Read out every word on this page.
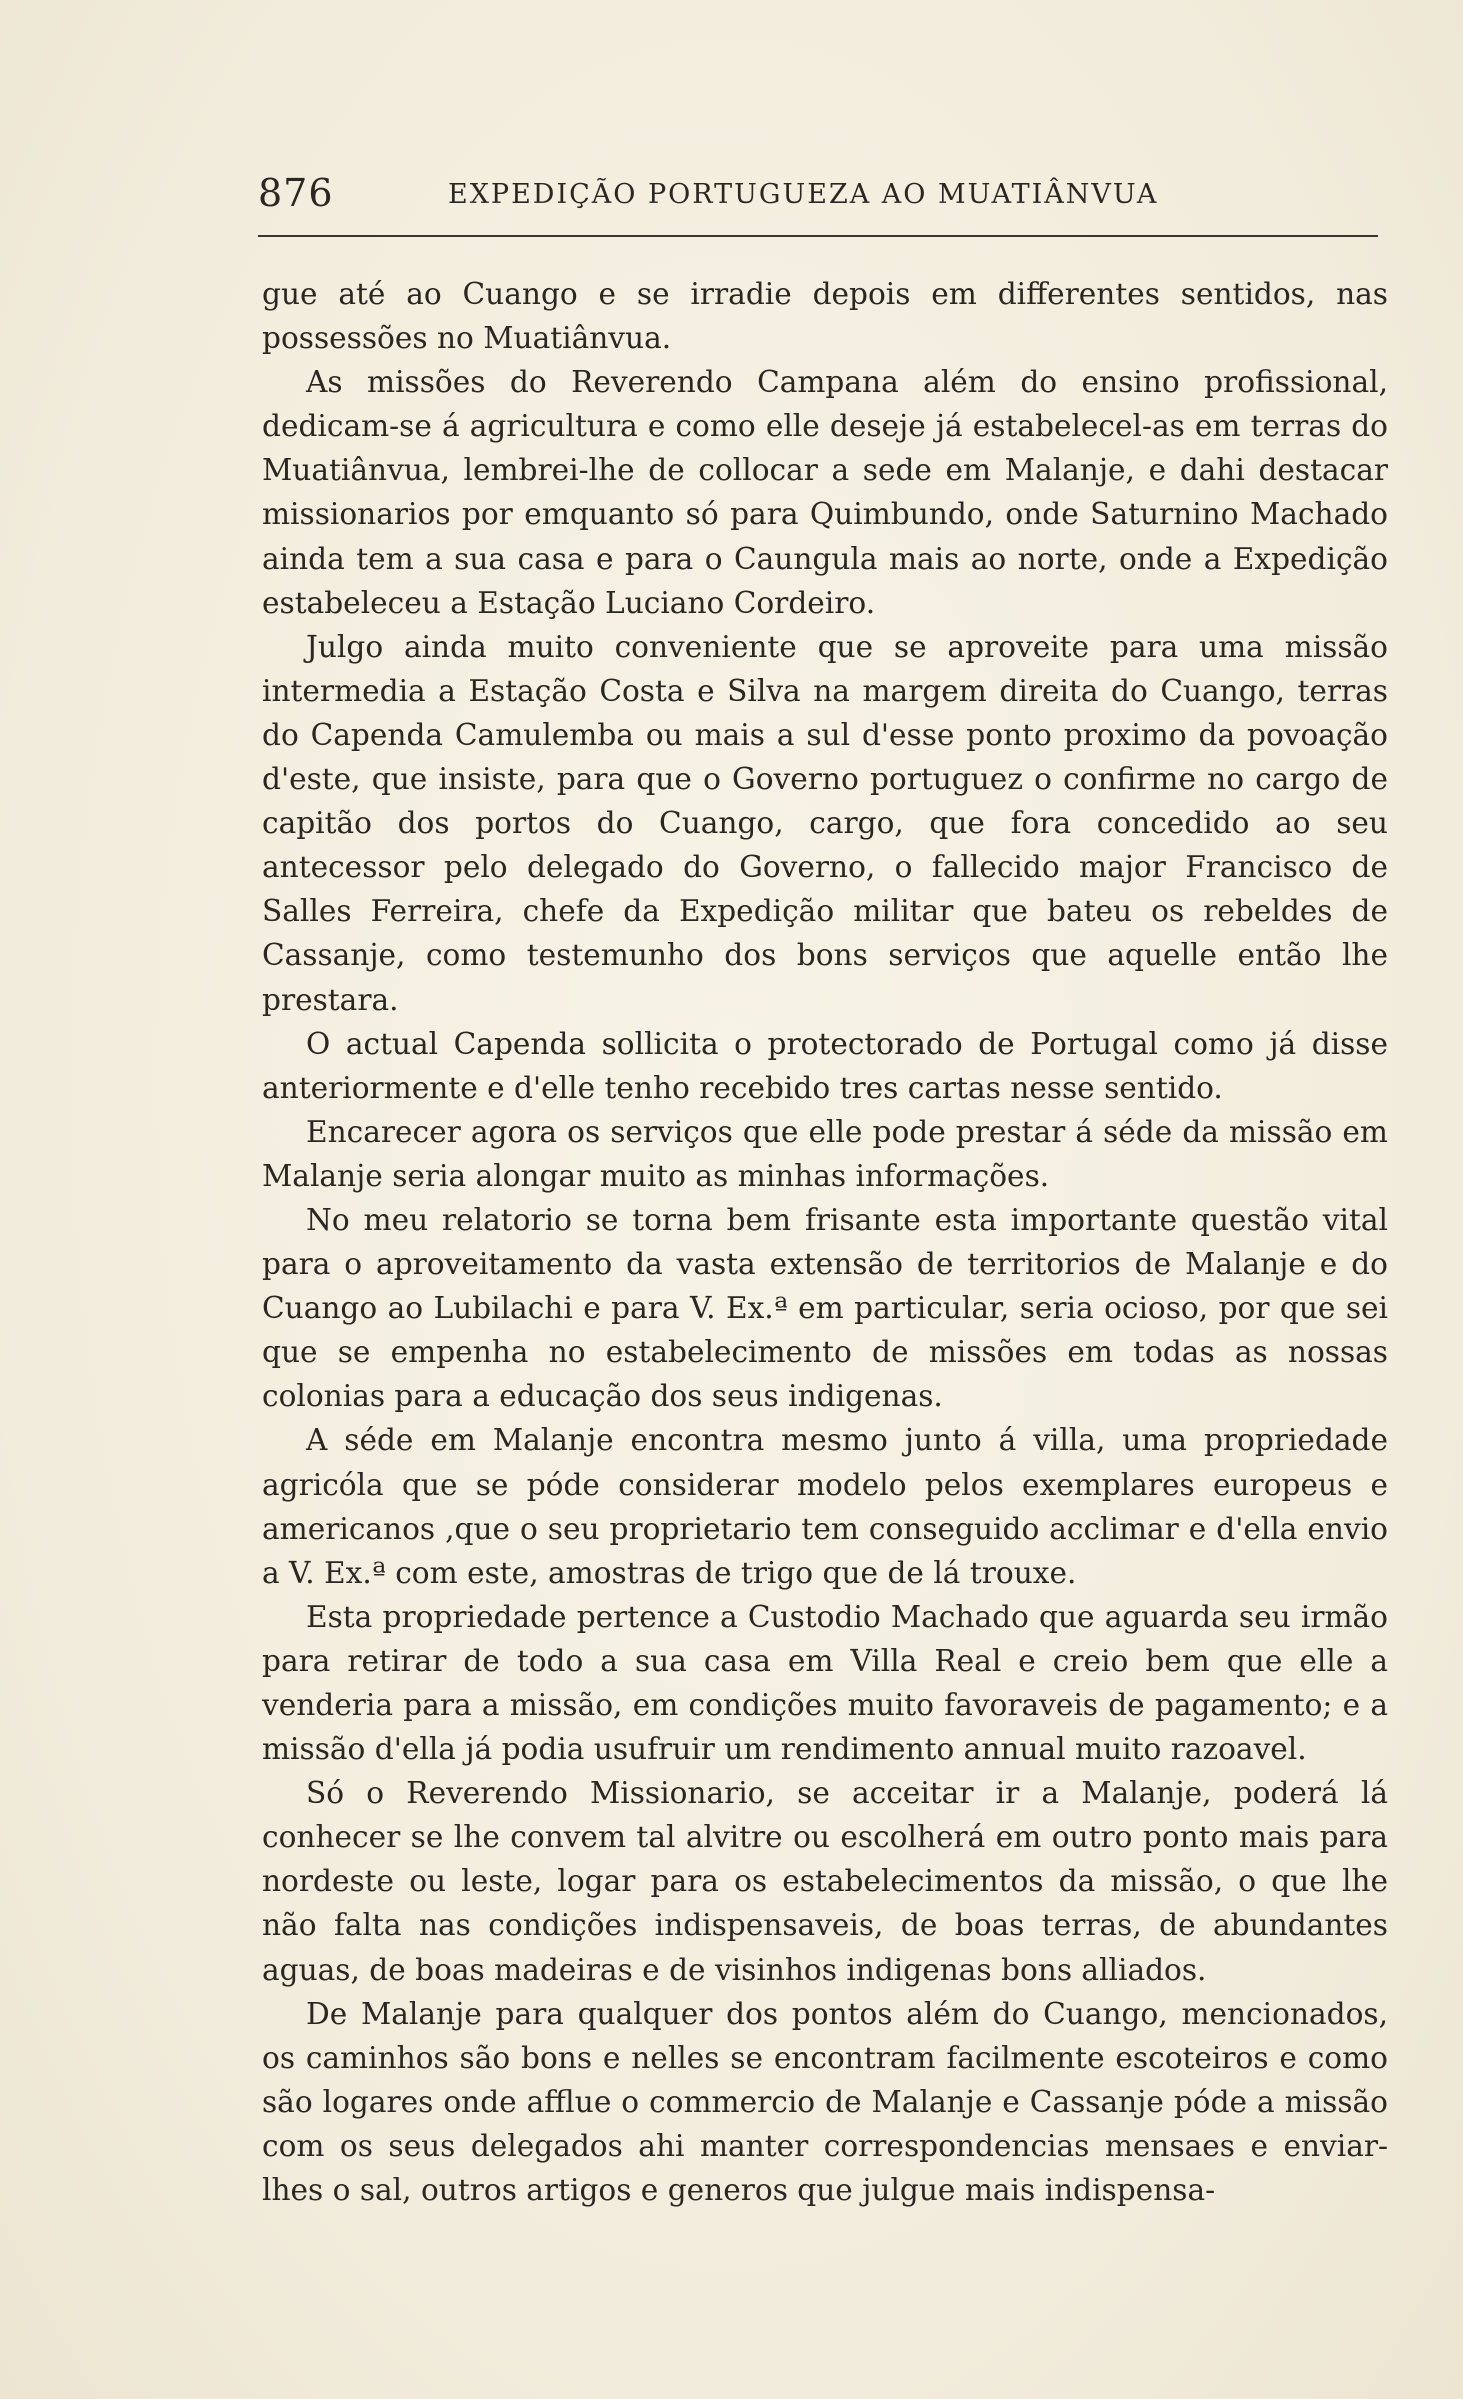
876	EXPEDIÇÃO PORTUGUEZA AO MUATIÂNVUA

gue até ao Cuango e se irradie depois em differentes sentidos, nas possessões no Muatiânvua.

As missões do Reverendo Campana além do ensino profissional, dedicam-se á agricultura e como elle deseje já estabelecel-as em terras do Muatiânvua, lembrei-lhe de collocar a sede em Malanje, e dahi destacar missionarios por emquanto só para Quimbundo, onde Saturnino Machado ainda tem a sua casa e para o Caungula mais ao norte, onde a Expedição estabeleceu a Estação Luciano Cordeiro.

Julgo ainda muito conveniente que se aproveite para uma missão intermedia a Estação Costa e Silva na margem direita do Cuango, terras do Capenda Camulemba ou mais a sul d'esse ponto proximo da povoação d'este, que insiste, para que o Governo portuguez o confirme no cargo de capitão dos portos do Cuango, cargo, que fora concedido ao seu antecessor pelo delegado do Governo, o fallecido major Francisco de Salles Ferreira, chefe da Expedição militar que bateu os rebeldes de Cassanje, como testemunho dos bons serviços que aquelle então lhe prestara.

O actual Capenda sollicita o protectorado de Portugal como já disse anteriormente e d'elle tenho recebido tres cartas nesse sentido.

Encarecer agora os serviços que elle pode prestar á séde da missão em Malanje seria alongar muito as minhas informações.

No meu relatorio se torna bem frisante esta importante questão vital para o aproveitamento da vasta extensão de territorios de Malanje e do Cuango ao Lubilachi e para V. Ex.ª em particular, seria ocioso, por que sei que se empenha no estabelecimento de missões em todas as nossas colonias para a educação dos seus indigenas.

A séde em Malanje encontra mesmo junto á villa, uma propriedade agricóla que se póde considerar modelo pelos exemplares europeus e americanos ,que o seu proprietario tem conseguido acclimar e d'ella envio a V. Ex.ª com este, amostras de trigo que de lá trouxe.

Esta propriedade pertence a Custodio Machado que aguarda seu irmão para retirar de todo a sua casa em Villa Real e creio bem que elle a venderia para a missão, em condições muito favoraveis de pagamento; e a missão d'ella já podia usufruir um rendimento annual muito razoavel.

Só o Reverendo Missionario, se acceitar ir a Malanje, poderá lá conhecer se lhe convem tal alvitre ou escolherá em outro ponto mais para nordeste ou leste, logar para os estabelecimentos da missão, o que lhe não falta nas condições indispensaveis, de boas terras, de abundantes aguas, de boas madeiras e de visinhos indigenas bons alliados.

De Malanje para qualquer dos pontos além do Cuango, mencionados, os caminhos são bons e nelles se encontram facilmente escoteiros e como são logares onde afflue o commercio de Malanje e Cassanje póde a missão com os seus delegados ahi manter correspondencias mensaes e enviar-lhes o sal, outros artigos e generos que julgue mais indispensa-
